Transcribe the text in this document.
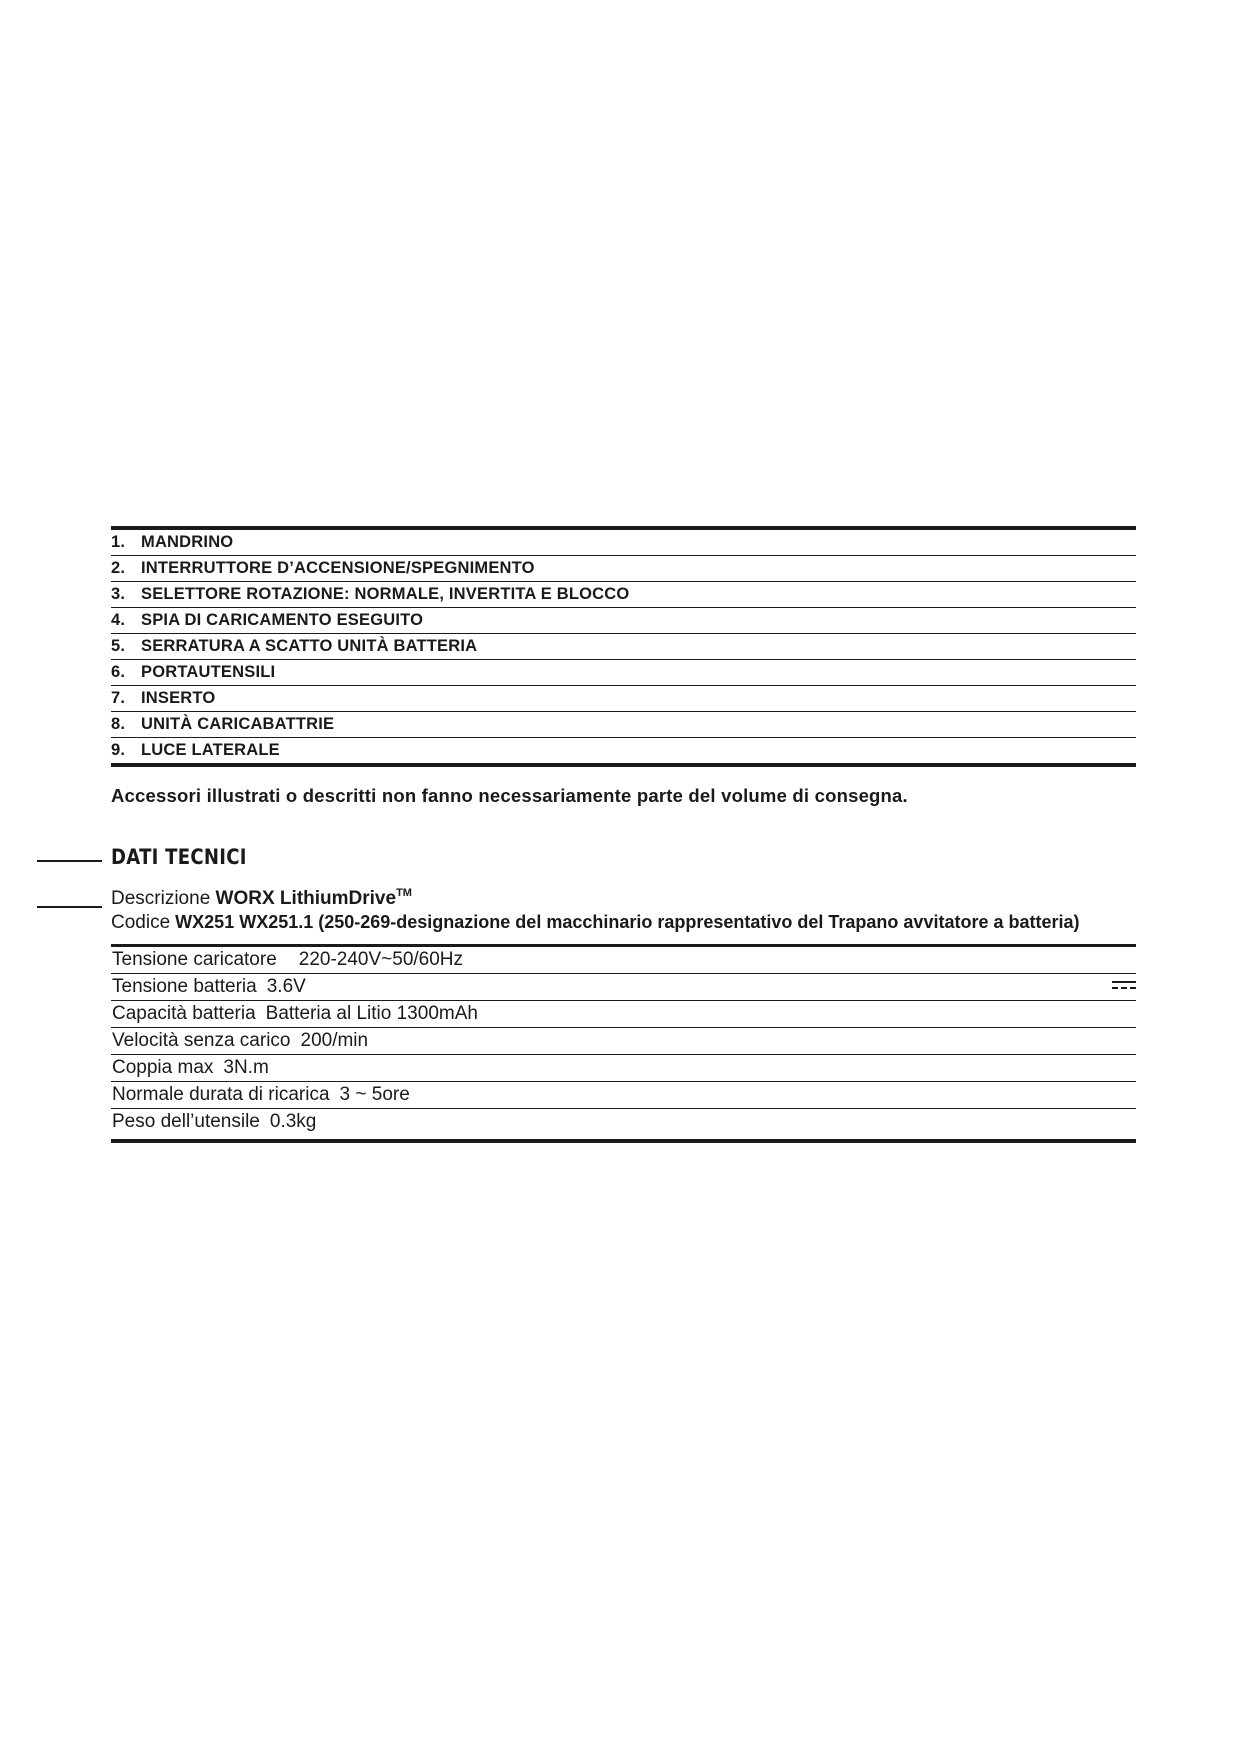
1. MANDRINO
2. INTERRUTTORE D’ACCENSIONE/SPEGNIMENTO
3. SELETTORE ROTAZIONE: NORMALE, INVERTITA E BLOCCO
4. SPIA DI CARICAMENTO ESEGUITO
5. SERRATURA A SCATTO UNITÀ BATTERIA
6. PORTAUTENSILI
7. INSERTO
8. UNITÀ CARICABATTRIE
9. LUCE LATERALE
Accessori illustrati o descritti non fanno necessariamente parte del volume di consegna.
DATI TECNICI
Descrizione WORX LithiumDrive™
Codice WX251 WX251.1 (250-269-designazione del macchinario rappresentativo del Trapano avvitatore a batteria)
Tensione caricatore 220-240V~50/60Hz
Tensione batteria 3.6V
Capacità batteria Batteria al Litio 1300mAh
Velocità senza carico 200/min
Coppia max 3N.m
Normale durata di ricarica 3 ~ 5ore
Peso dell’utensile 0.3kg
